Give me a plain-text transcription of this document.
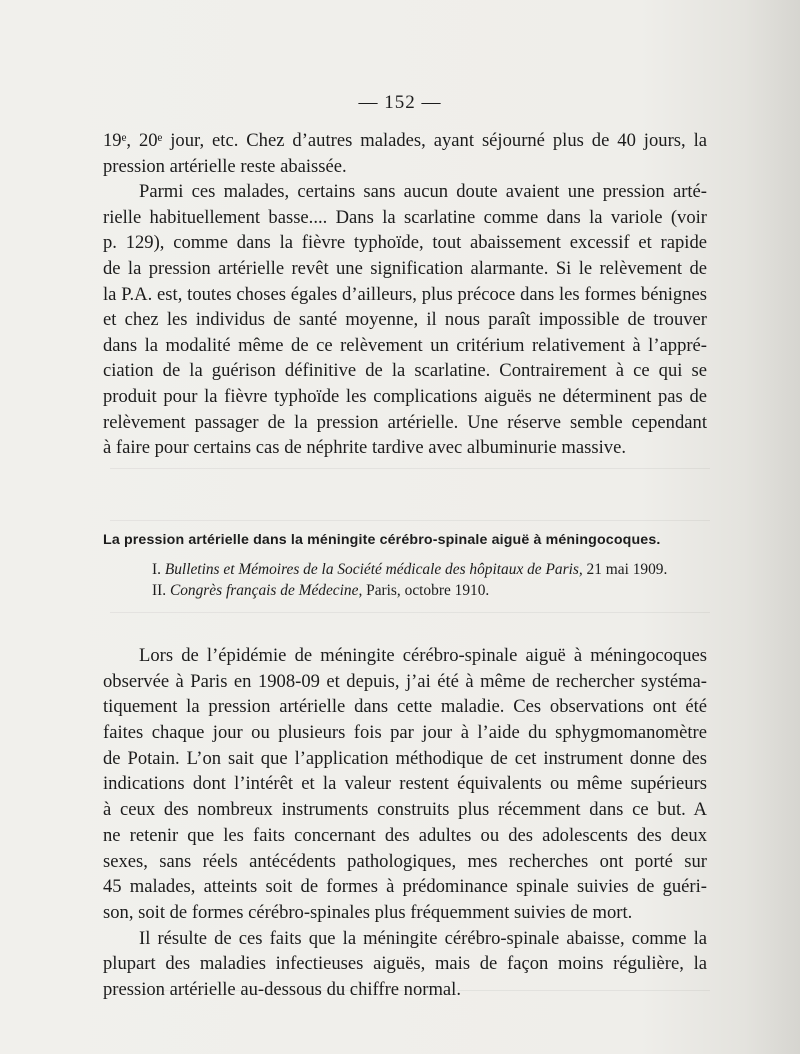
— 152 —
19ᵉ, 20ᵉ jour, etc. Chez d’autres malades, ayant séjourné plus de 40 jours, la
pression artérielle reste abaissée.
Parmi ces malades, certains sans aucun doute avaient une pression arté-
rielle habituellement basse.... Dans la scarlatine comme dans la variole (voir
p. 129), comme dans la fièvre typhoïde, tout abaissement excessif et rapide
de la pression artérielle revêt une signification alarmante. Si le relèvement de
la P.A. est, toutes choses égales d’ailleurs, plus précoce dans les formes bénignes
et chez les individus de santé moyenne, il nous paraît impossible de trouver
dans la modalité même de ce relèvement un critérium relativement à l’appré-
ciation de la guérison définitive de la scarlatine. Contrairement à ce qui se
produit pour la fièvre typhoïde les complications aiguës ne déterminent pas de
relèvement passager de la pression artérielle. Une réserve semble cependant
à faire pour certains cas de néphrite tardive avec albuminurie massive.
La pression artérielle dans la méningite cérébro-spinale aiguë à méningocoques.
I. Bulletins et Mémoires de la Société médicale des hôpitaux de Paris, 21 mai 1909.
II. Congrès français de Médecine, Paris, octobre 1910.
Lors de l’épidémie de méningite cérébro-spinale aiguë à méningocoques
observée à Paris en 1908-09 et depuis, j’ai été à même de rechercher systéma-
tiquement la pression artérielle dans cette maladie. Ces observations ont été
faites chaque jour ou plusieurs fois par jour à l’aide du sphygmomanomètre
de Potain. L’on sait que l’application méthodique de cet instrument donne des
indications dont l’intérêt et la valeur restent équivalents ou même supérieurs
à ceux des nombreux instruments construits plus récemment dans ce but. A
ne retenir que les faits concernant des adultes ou des adolescents des deux
sexes, sans réels antécédents pathologiques, mes recherches ont porté sur
45 malades, atteints soit de formes à prédominance spinale suivies de guéri-
son, soit de formes cérébro-spinales plus fréquemment suivies de mort.
Il résulte de ces faits que la méningite cérébro-spinale abaisse, comme la
plupart des maladies infectieuses aiguës, mais de façon moins régulière, la
pression artérielle au-dessous du chiffre normal.
